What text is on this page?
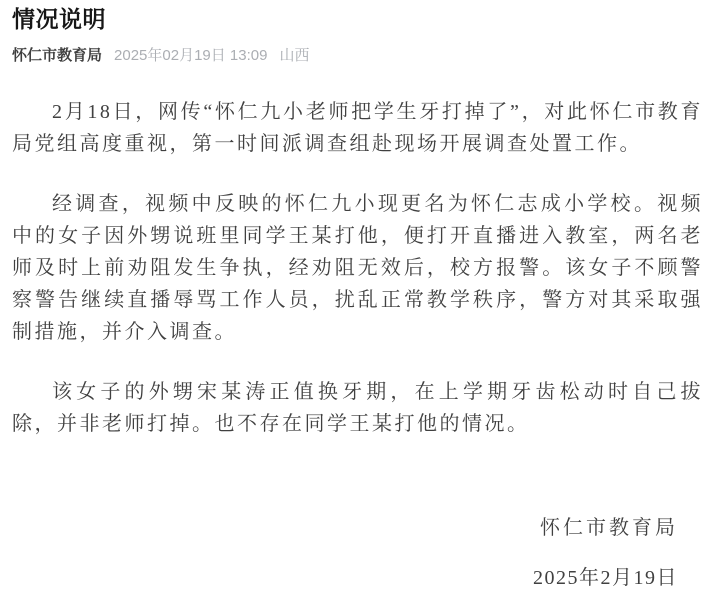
情况说明
怀仁市教育局 2025年02月19日 13:09 山西

2月18日，网传“怀仁九小老师把学生牙打掉了”，对此怀仁市教育局党组高度重视，第一时间派调查组赴现场开展调查处置工作。

经调查，视频中反映的怀仁九小现更名为怀仁志成小学校。视频中的女子因外甥说班里同学王某打他，便打开直播进入教室，两名老师及时上前劝阻发生争执，经劝阻无效后，校方报警。该女子不顾警察警告继续直播辱骂工作人员，扰乱正常教学秩序，警方对其采取强制措施，并介入调查。

该女子的外甥宋某涛正值换牙期，在上学期牙齿松动时自己拔除，并非老师打掉。也不存在同学王某打他的情况。

怀仁市教育局
2025年2月19日
